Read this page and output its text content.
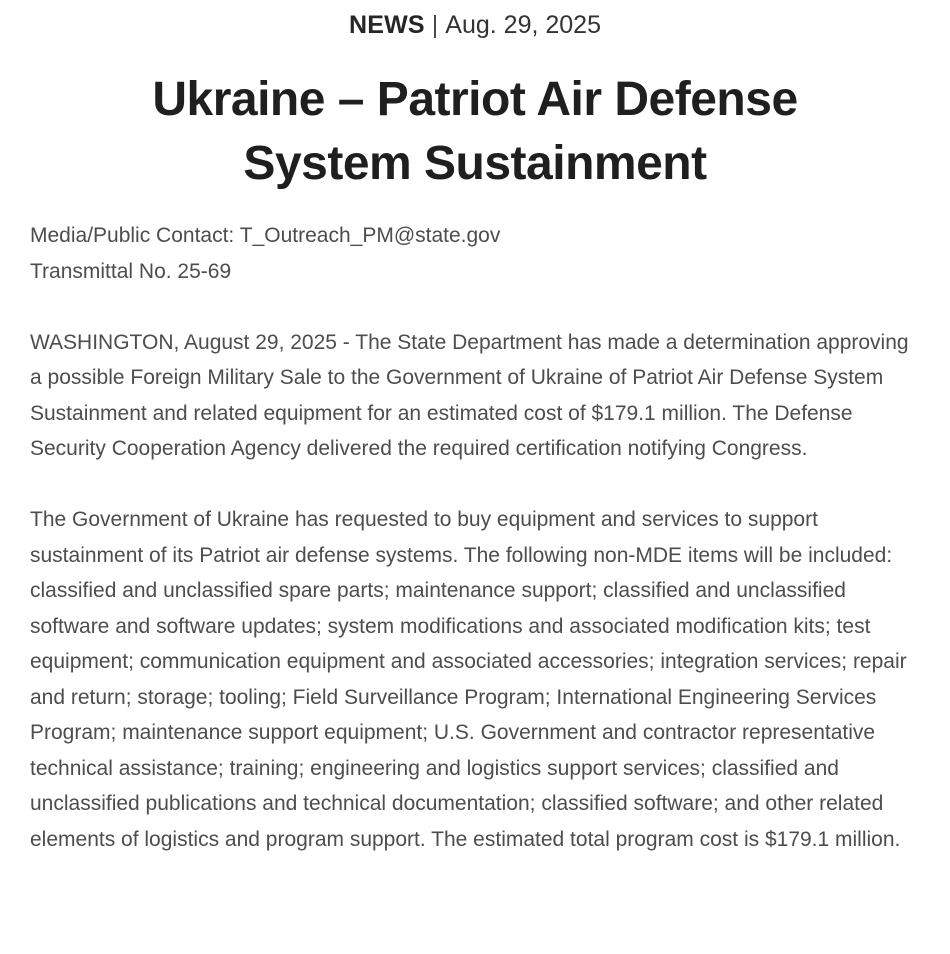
NEWS | Aug. 29, 2025
Ukraine – Patriot Air Defense
System Sustainment

Media/Public Contact: T_Outreach_PM@state.gov

Transmittal No. 25-69

WASHINGTON, August 29, 2025 - The State Department has made a determination approving a possible Foreign Military Sale to the Government of Ukraine of Patriot Air Defense System Sustainment and related equipment for an estimated cost of $179.1 million. The Defense Security Cooperation Agency delivered the required certification notifying Congress.

The Government of Ukraine has requested to buy equipment and services to support sustainment of its Patriot air defense systems. The following non-MDE items will be included: classified and unclassified spare parts; maintenance support; classified and unclassified software and software updates; system modifications and associated modification kits; test equipment; communication equipment and associated accessories; integration services; repair and return; storage; tooling; Field Surveillance Program; International Engineering Services Program; maintenance support equipment; U.S. Government and contractor representative technical assistance; training; engineering and logistics support services; classified and unclassified publications and technical documentation; classified software; and other related elements of logistics and program support. The estimated total program cost is $179.1 million.
